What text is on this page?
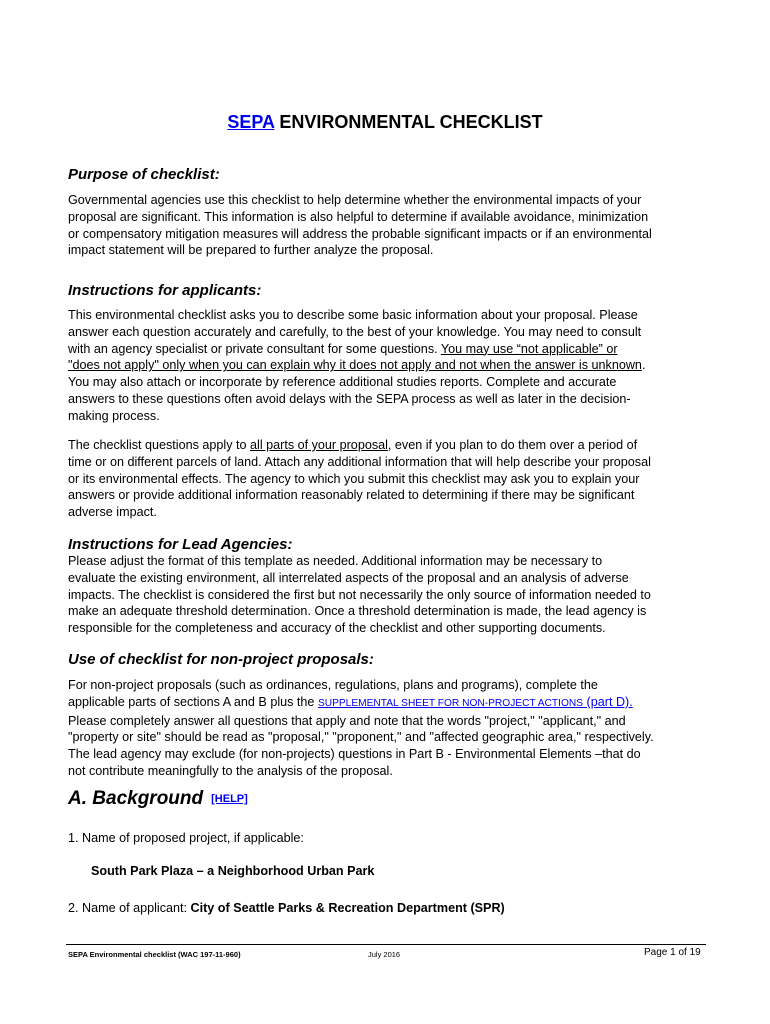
SEPA ENVIRONMENTAL CHECKLIST
Purpose of checklist:
Governmental agencies use this checklist to help determine whether the environmental impacts of your
proposal are significant. This information is also helpful to determine if available avoidance, minimization
or compensatory mitigation measures will address the probable significant impacts or if an environmental
impact statement will be prepared to further analyze the proposal.
Instructions for applicants:
This environmental checklist asks you to describe some basic information about your proposal. Please
answer each question accurately and carefully, to the best of your knowledge. You may need to consult
with an agency specialist or private consultant for some questions. You may use “not applicable” or
"does not apply" only when you can explain why it does not apply and not when the answer is unknown.
You may also attach or incorporate by reference additional studies reports. Complete and accurate
answers to these questions often avoid delays with the SEPA process as well as later in the decision-
making process.
The checklist questions apply to all parts of your proposal, even if you plan to do them over a period of
time or on different parcels of land. Attach any additional information that will help describe your proposal
or its environmental effects. The agency to which you submit this checklist may ask you to explain your
answers or provide additional information reasonably related to determining if there may be significant
adverse impact.
Instructions for Lead Agencies:
Please adjust the format of this template as needed. Additional information may be necessary to
evaluate the existing environment, all interrelated aspects of the proposal and an analysis of adverse
impacts. The checklist is considered the first but not necessarily the only source of information needed to
make an adequate threshold determination. Once a threshold determination is made, the lead agency is
responsible for the completeness and accuracy of the checklist and other supporting documents.
Use of checklist for non-project proposals:
For non-project proposals (such as ordinances, regulations, plans and programs), complete the
applicable parts of sections A and B plus the SUPPLEMENTAL SHEET FOR NON-PROJECT ACTIONS (part D).
Please completely answer all questions that apply and note that the words "project," "applicant," and
"property or site" should be read as "proposal," "proponent," and "affected geographic area," respectively.
The lead agency may exclude (for non-projects) questions in Part B - Environmental Elements –that do
not contribute meaningfully to the analysis of the proposal.
A. Background [HELP]
1. Name of proposed project, if applicable:
South Park Plaza – a Neighborhood Urban Park
2. Name of applicant: City of Seattle Parks & Recreation Department (SPR)
SEPA Environmental checklist (WAC 197-11-960)	July 2016	Page 1 of 19
